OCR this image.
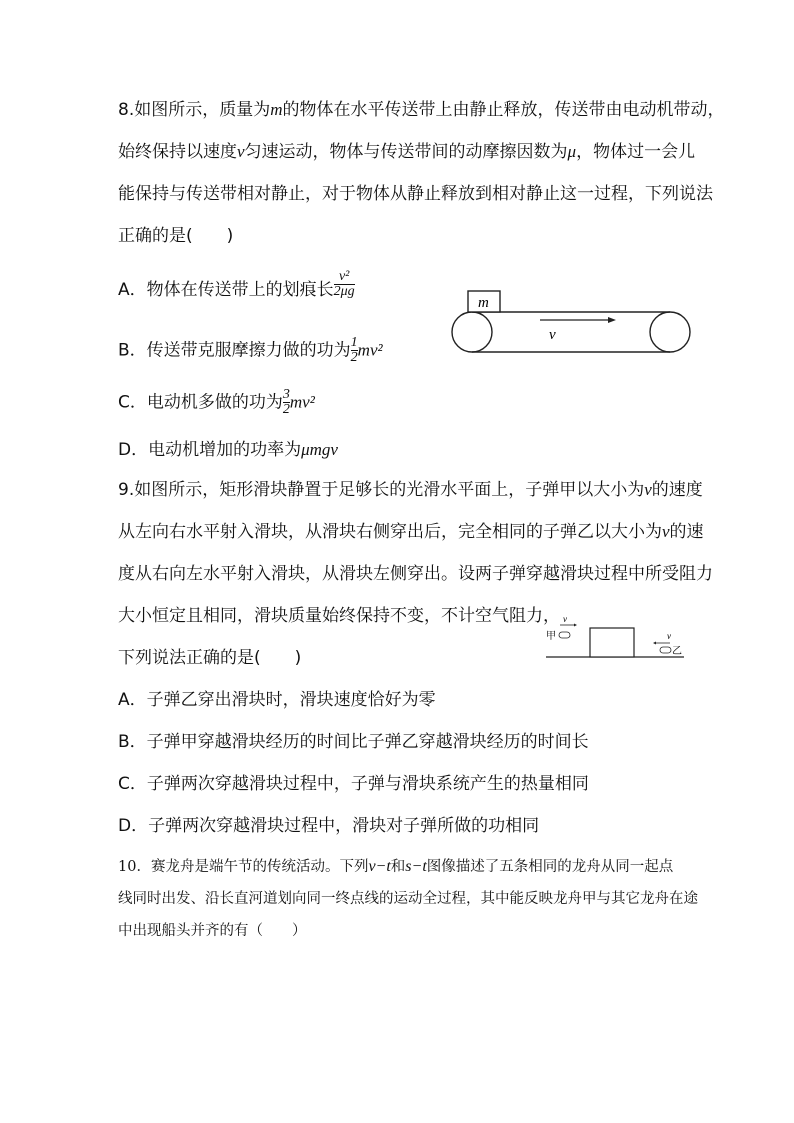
8.如图所示，质量为m的物体在水平传送带上由静止释放，传送带由电动机带动，
始终保持以速度v匀速运动，物体与传送带间的动摩擦因数为μ，物体过一会儿
能保持与传送带相对静止，对于物体从静止释放到相对静止这一过程，下列说法
正确的是(　　)
A．物体在传送带上的划痕长 $\frac{\text{v²}}{2\mu g}$
B．传送带克服摩擦力做的功为 $\frac{1}{2} mv^2$
C．电动机多做的功为 $\frac{3}{2} mv^2$
D．电动机增加的功率为μmgv
m
v
9.如图所示，矩形滑块静置于足够长的光滑水平面上，子弹甲以大小为v的速度
从左向右水平射入滑块，从滑块右侧穿出后，完全相同的子弹乙以大小为v的速
度从右向左水平射入滑块，从滑块左侧穿出。设两子弹穿越滑块过程中所受阻力
大小恒定且相同，滑块质量始终保持不变，不计空气阻力，
下列说法正确的是(　　)
v
甲	v
乙
A．子弹乙穿出滑块时，滑块速度恰好为零
B．子弹甲穿越滑块经历的时间比子弹乙穿越滑块经历的时间长
C．子弹两次穿越滑块过程中，子弹与滑块系统产生的热量相同
D．子弹两次穿越滑块过程中，滑块对子弹所做的功相同
10．赛龙舟是端午节的传统活动。下列v−t和s−t图像描述了五条相同的龙舟从同一起点
线同时出发、沿长直河道划向同一终点线的运动全过程，其中能反映龙舟甲与其它龙舟在途
中出现船头并齐的有（　　）
